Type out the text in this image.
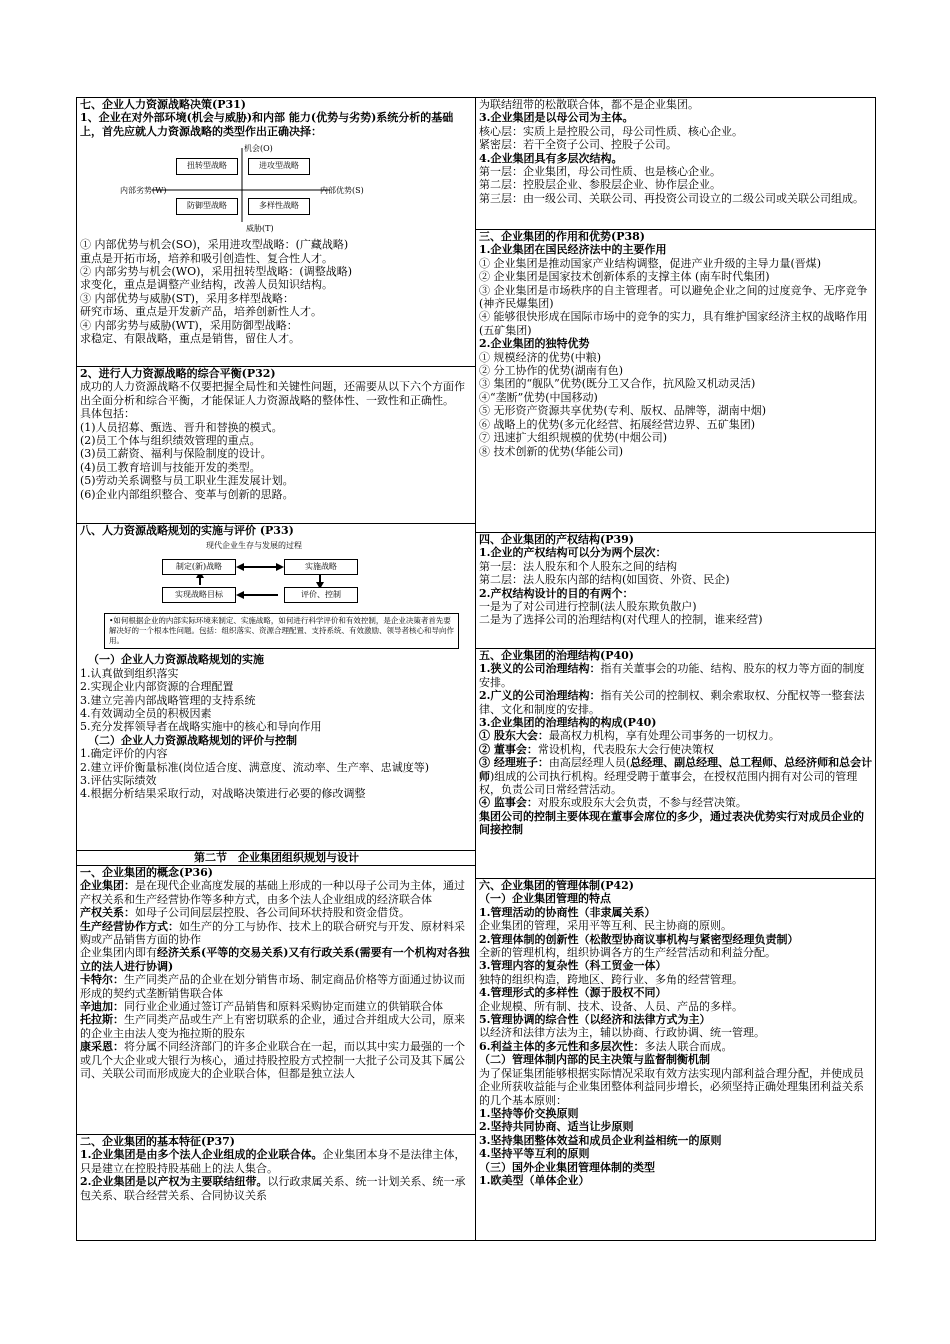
七、企业人力资源战略决策(P31)

1、企业在对外部环境(机会与威胁)和内部 能力(优势与劣势)系统分析的基础上，首先应就人力资源战略的类型作出正确决择：

机会(O)
威胁(T)
内部劣势(W)	内部优势(S)
扭转型战略	进攻型战略
防御型战略	多样性战略

① 内部优势与机会(SO)，采用进攻型战略：(广藏战略)

重点是开拓市场，培养和吸引创造性、复合性人才。

② 内部劣势与机会(WO)，采用扭转型战略：(调整战略)

求变化，重点是调整产业结构，改善人员知识结构。

③ 内部优势与威胁(ST)，采用多样型战略：

研究市场、重点是开发新产品，培养创新性人才。

④ 内部劣势与威胁(WT)，采用防御型战略：

求稳定、有限战略，重点是销售，留住人才。

2、进行人力资源战略的综合平衡(P32)

成功的人力资源战略不仅要把握全局性和关键性问题，还需要从以下六个方面作出全面分析和综合平衡，才能保证人力资源战略的整体性、一致性和正确性。

具体包括：

(1)人员招募、甄选、晋升和替换的模式。

(2)员工个体与组织绩效管理的重点。

(3)员工薪资、福利与保险制度的设计。

(4)员工教育培训与技能开发的类型。

(5)劳动关系调整与员工职业生涯发展计划。

(6)企业内部组织整合、变革与创新的思路。

八、人力资源战略规划的实施与评价 (P33)

现代企业生存与发展的过程
制定(新)战略	实施战略
实现战略目标	评价、控制
•如何根据企业的内部实际环境来制定、实施战略，如何进行科学评价和有效控制，是企业决策者首先要解决好的一个根本性问题。包括：组织落实、资源合理配置、支持系统、有效激励、领导者核心和导向作用。

（一）企业人力资源战略规划的实施

1.认真做到组织落实

2.实现企业内部资源的合理配置

3.建立完善内部战略管理的支持系统

4.有效调动全员的积极因素

5.充分发挥领导者在战略实施中的核心和导向作用

（二）企业人力资源战略规划的评价与控制

1.确定评价的内容

2.建立评价衡量标准(岗位适合度、满意度、流动率、生产率、忠诚度等)

3.评估实际绩效

4.根据分析结果采取行动，对战略决策进行必要的修改调整

第二节　企业集团组织规划与设计

一、企业集团的概念(P36)

企业集团：是在现代企业高度发展的基础上形成的一种以母子公司为主体，通过产权关系和生产经营协作等多种方式，由多个法人企业组成的经济联合体

产权关系：如母子公司间层层控股、各公司间环状持股和资金借贷。

生产经营协作方式：如生产的分工与协作、技术上的联合研究与开发、原材料采购或产品销售方面的协作

企业集团内即有经济关系(平等的交易关系)又有行政关系(需要有一个机构对各独立的法人进行协调)

卡特尔：生产同类产品的企业在划分销售市场、制定商品价格等方面通过协议而形成的契约式垄断销售联合体

辛迪加：同行业企业通过签订产品销售和原料采购协定而建立的供销联合体

托拉斯：生产同类产品或生产上有密切联系的企业，通过合并组成大公司，原来的企业主由法人变为拖拉斯的股东

康采恩：将分属不同经济部门的许多企业联合在一起，而以其中实力最强的一个或几个大企业或大银行为核心，通过持股控股方式控制一大批子公司及其下属公司、关联公司而形成庞大的企业联合体，但都是独立法人

二、企业集团的基本特征(P37)

1.企业集团是由多个法人企业组成的企业联合体。企业集团本身不是法律主体，只是建立在控股持股基础上的法人集合。

2.企业集团是以产权为主要联结纽带。以行政隶属关系、统一计划关系、统一承包关系、联合经营关系、合同协议关系

为联结纽带的松散联合体，都不是企业集团。

3.企业集团是以母公司为主体。

核心层：实质上是控股公司，母公司性质、核心企业。

紧密层：若干全资子公司、控股子公司。

4.企业集团具有多层次结构。

第一层：企业集团，母公司性质、也是核心企业。

第二层：控股层企业、参股层企业、协作层企业。

第三层：由一级公司、关联公司、再投资公司设立的二级公司或关联公司组成。

三、企业集团的作用和优势(P38)

1.企业集团在国民经济法中的主要作用

① 企业集团是推动国家产业结构调整，促进产业升级的主导力量(晋煤)

② 企业集团是国家技术创新体系的支撑主体 (南车时代集团)

③ 企业集团是市场秩序的自主管理者。可以避免企业之间的过度竞争、无序竞争(神齐民爆集团)

④ 能够很快形成在国际市场中的竞争的实力，具有维护国家经济主权的战略作用 (五矿集团)

2.企业集团的独特优势

① 规模经济的优势(中粮)

② 分工协作的优势(湖南有色)

③ 集团的“舰队”优势(既分工又合作，抗风险又机动灵活)

④“垄断”优势(中国移动)

⑤ 无形资产资源共享优势(专利、版权、品牌等，湖南中烟)

⑥ 战略上的优势(多元化经营、拓展经营边界、五矿集团)

⑦ 迅速扩大组织规模的优势(中烟公司)

⑧ 技术创新的优势(华能公司)

四、企业集团的产权结构(P39)

1.企业的产权结构可以分为两个层次：

第一层：法人股东和个人股东之间的结构

第二层：法人股东内部的结构(如国资、外资、民企)

2.产权结构设计的目的有两个：

一是为了对公司进行控制(法人股东欺负散户)

二是为了选择公司的治理结构(对代理人的控制，谁来经营)

五、企业集团的治理结构(P40)

1.狭义的公司治理结构：指有关董事会的功能、结构、股东的权力等方面的制度安排。

2.广义的公司治理结构：指有关公司的控制权、剩余索取权、分配权等一整套法律、文化和制度的安排。

3.企业集团的治理结构的构成(P40)

① 股东大会：最高权力机构，享有处理公司事务的一切权力。

② 董事会：常设机构，代表股东大会行使决策权

③ 经理班子：由高层经理人员(总经理、副总经理、总工程师、总经济师和总会计师)组成的公司执行机构。经理受聘于董事会，在授权范围内拥有对公司的管理权，负责公司日常经营活动。

④ 监事会：对股东或股东大会负责，不参与经营决策。

集团公司的控制主要体现在董事会席位的多少，通过表决优势实行对成员企业的间接控制

六、企业集团的管理体制(P42)

（一）企业集团管理的特点

1.管理活动的协商性（非隶属关系）

企业集团的管理，采用平等互利、民主协商的原则。

2.管理体制的创新性（松散型协商议事机构与紧密型经理负责制）

全新的管理机构，组织协调各方的生产经营活动和利益分配。

3.管理内容的复杂性（科工贸金一体）

独特的组织构造，跨地区、跨行业、多角的经营管理。

4.管理形式的多样性（源于股权不同）

企业规模、所有制、技术、设备、人员、产品的多样。

5.管理协调的综合性（以经济和法律方式为主）

以经济和法律方法为主，辅以协商、行政协调、统一管理。

6.利益主体的多元性和多层次性：多法人联合而成。

（二）管理体制内部的民主决策与监督制衡机制

为了保证集团能够根据实际情况采取有效方法实现内部利益合理分配，并使成员企业所获收益能与企业集团整体利益同步增长，必须坚持正确处理集团利益关系的几个基本原则：

1.坚持等价交换原则

2.坚持共同协商、适当让步原则

3.坚持集团整体效益和成员企业利益相统一的原则

4.坚持平等互利的原则

（三）国外企业集团管理体制的类型

1.欧美型（单体企业）
